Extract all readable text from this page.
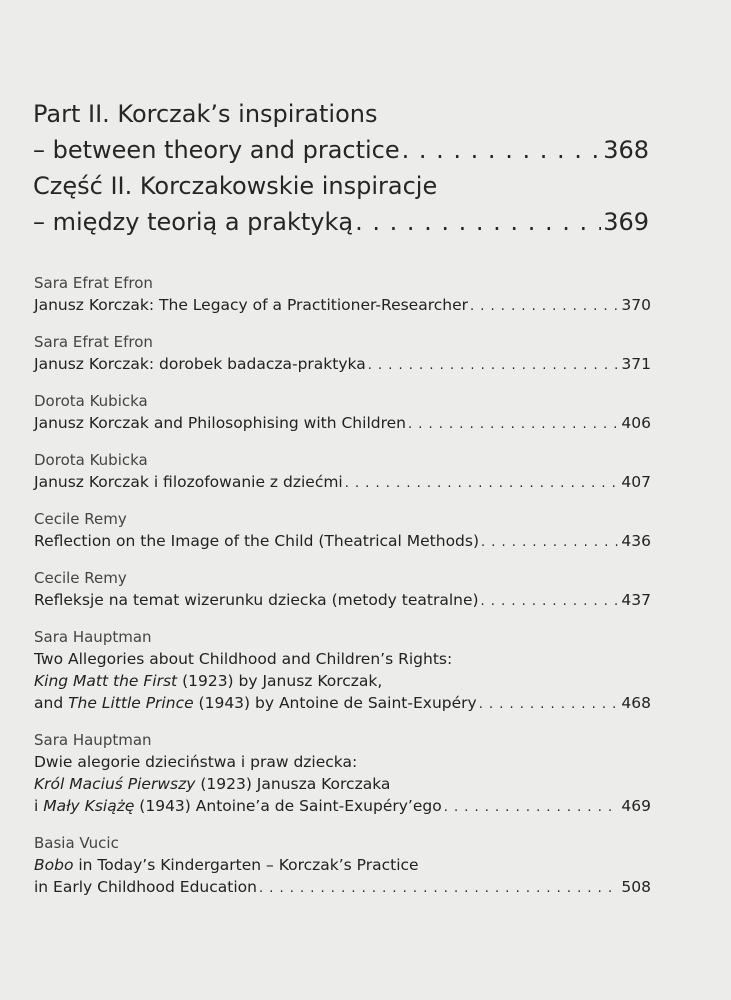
Part II. Korczak’s inspirations
– between theory and practice . . .	368
Część II. Korczakowskie inspiracje
– między teorią a praktyką . . .	369
Sara Efrat Efron
Janusz Korczak: The Legacy of a Practitioner-Researcher . . .	370
Sara Efrat Efron
Janusz Korczak: dorobek badacza-praktyka . . .	371
Dorota Kubicka
Janusz Korczak and Philosophising with Children . . .	406
Dorota Kubicka
Janusz Korczak i filozofowanie z dziećmi . . .	407
Cecile Remy
Reflection on the Image of the Child (Theatrical Methods) . . .	436
Cecile Remy
Refleksje na temat wizerunku dziecka (metody teatralne) . . .	437
Sara Hauptman
Two Allegories about Childhood and Children’s Rights:
King Matt the First (1923) by Janusz Korczak,
and The Little Prince (1943) by Antoine de Saint-Exupéry . . .	468
Sara Hauptman
Dwie alegorie dzieciństwa i praw dziecka:
Król Maciuś Pierwszy (1923) Janusza Korczaka
i Mały Książę (1943) Antoine’a de Saint-Exupéry’ego . . .	469
Basia Vucic
Bobo in Today’s Kindergarten – Korczak’s Practice
in Early Childhood Education . . .	508
